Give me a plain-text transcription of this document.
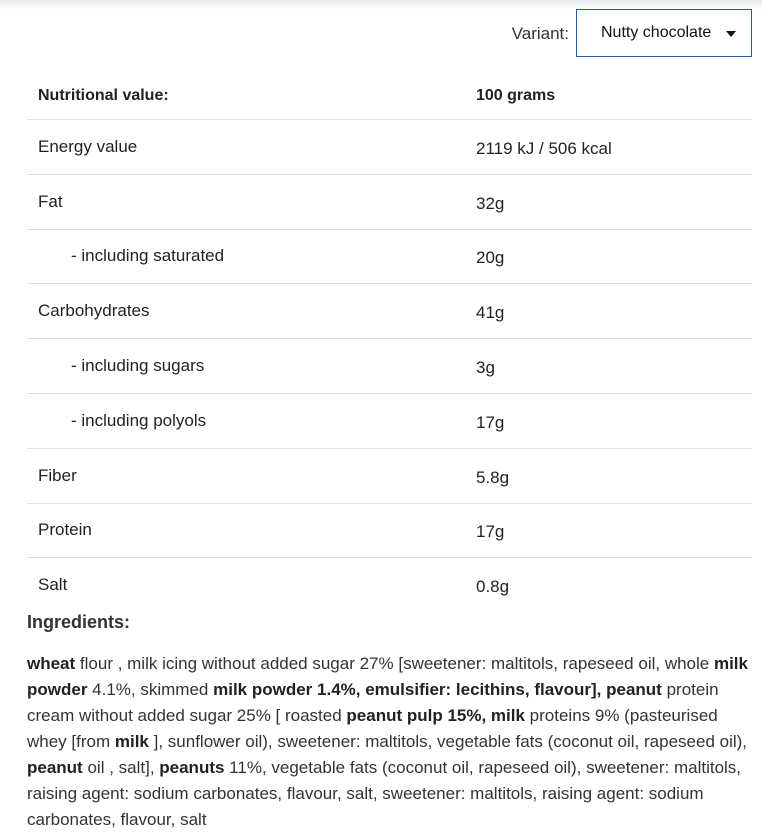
Variant: Nutty chocolate
Nutritional value:	100 grams
Energy value	2119 kJ / 506 kcal
Fat	32g
- including saturated	20g
Carbohydrates	41g
- including sugars	3g
- including polyols	17g
Fiber	5.8g
Protein	17g
Salt	0.8g
Ingredients:

wheat flour , milk icing without added sugar 27% [sweetener: maltitols, rapeseed oil, whole milk powder 4.1%, skimmed milk powder 1.4%, emulsifier: lecithins, flavour], peanut protein cream without added sugar 25% [ roasted peanut pulp 15%, milk proteins 9% (pasteurised whey [from milk ], sunflower oil), sweetener: maltitols, vegetable fats (coconut oil, rapeseed oil), peanut oil , salt], peanuts 11%, vegetable fats (coconut oil, rapeseed oil), sweetener: maltitols, raising agent: sodium carbonates, flavour, salt, sweetener: maltitols, raising agent: sodium carbonates, flavour, salt
